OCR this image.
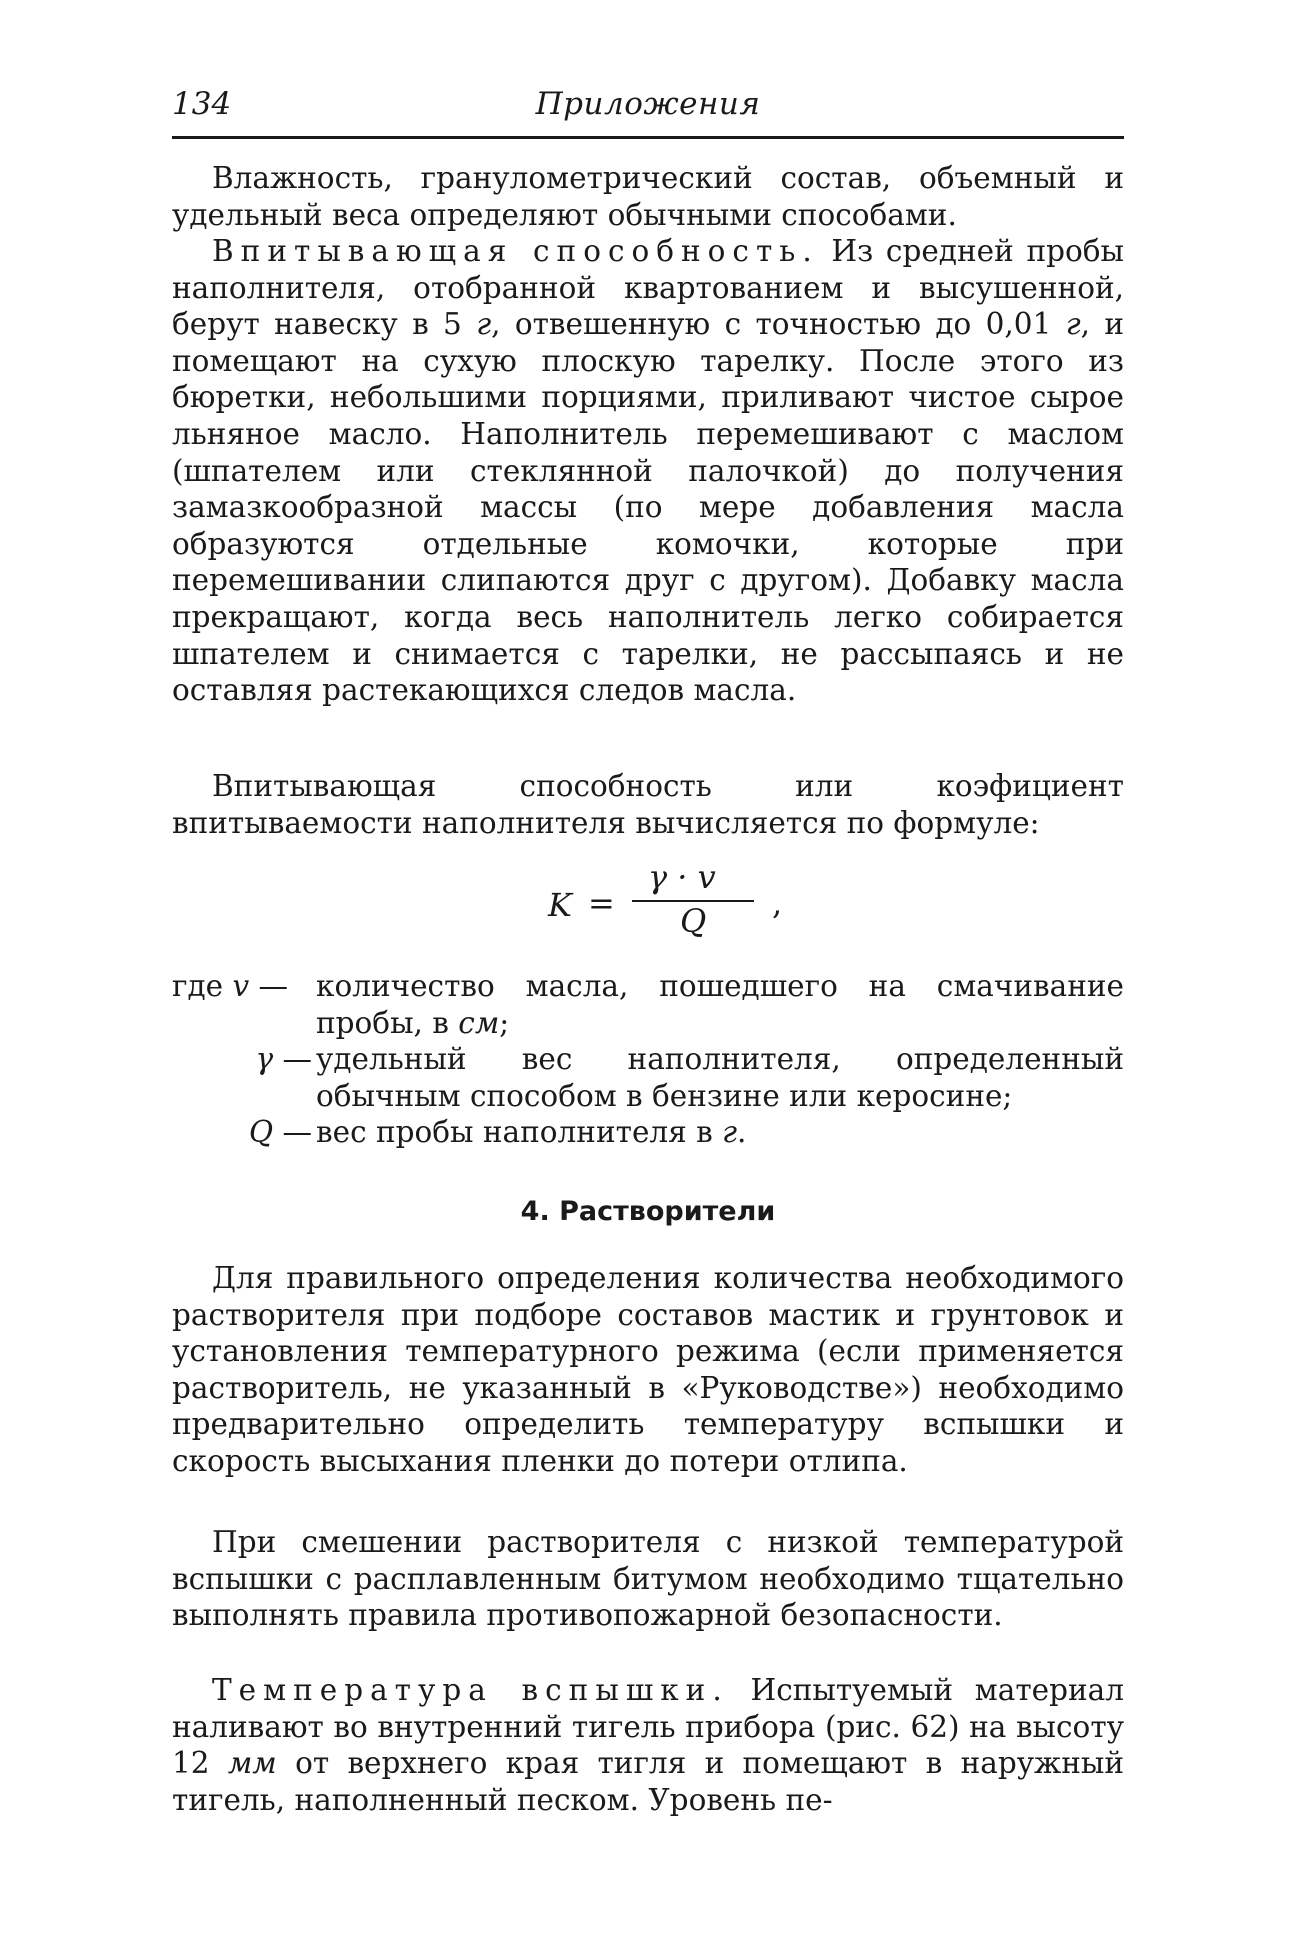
134	Приложения

Влажность, гранулометрический состав, объемный и удельный веса определяют обычными способами.

Впитывающая способность. Из средней пробы наполнителя, отобранной квартованием и высушенной, берут навеску в 5 г, отвешенную с точностью до 0,01 г, и помещают на сухую плоскую тарелку. После этого из бюретки, небольшими порциями, приливают чистое сырое льняное масло. Наполнитель перемешивают с маслом (шпателем или стеклянной палочкой) до получения замазкообразной массы (по мере добавления масла образуются отдельные комочки, которые при перемешивании слипаются друг с другом). Добавку масла прекращают, когда весь наполнитель легко собирается шпателем и снимается с тарелки, не рассыпаясь и не оставляя растекающихся следов масла.

Впитывающая способность или коэфициент впитываемости наполнителя вычисляется по формуле:

K =
γ · v
Q ,
где v — количество масла, пошедшего на смачивание пробы, в см;
γ — удельный вес наполнителя, определенный обычным способом в бензине или керосине;
Q — вес пробы наполнителя в г.
4. Растворители

Для правильного определения количества необходимого растворителя при подборе составов мастик и грунтовок и установления температурного режима (если применяется растворитель, не указанный в «Руководстве») необходимо предварительно определить температуру вспышки и скорость высыхания пленки до потери отлипа.

При смешении растворителя с низкой температурой вспышки с расплавленным битумом необходимо тщательно выполнять правила противопожарной безопасности.

Температура вспышки. Испытуемый материал наливают во внутренний тигель прибора (рис. 62) на высоту 12 мм от верхнего края тигля и помещают в наружный тигель, наполненный песком. Уровень пе-
